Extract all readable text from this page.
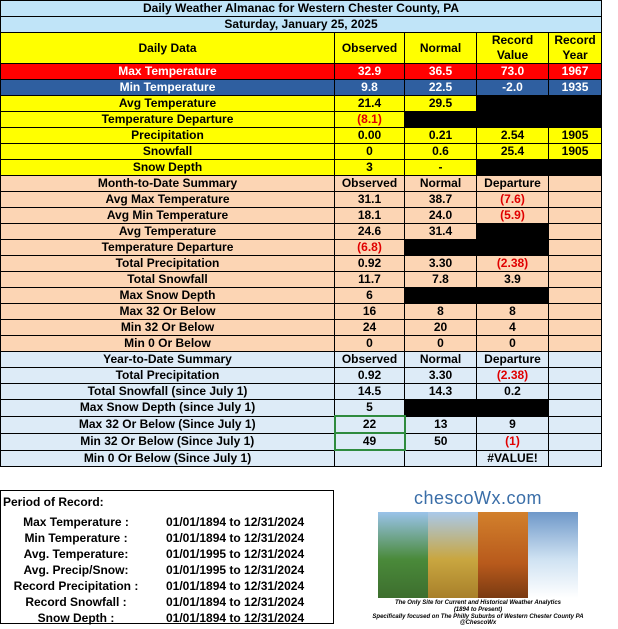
Daily Weather Almanac for Western Chester County, PA				
Saturday, January 25, 2025				
Daily Data	Observed	Normal	Record Value	Record Year
Max Temperature	32.9	36.5	73.0	1967
Min Temperature	9.8	22.5	-2.0	1935
Avg Temperature	21.4	29.5		
Temperature Departure	(8.1)			
Precipitation	0.00	0.21	2.54	1905
Snowfall	0	0.6	25.4	1905
Snow Depth	3	-		
Month-to-Date Summary	Observed	Normal	Departure	
Avg Max Temperature	31.1	38.7	(7.6)	
Avg Min Temperature	18.1	24.0	(5.9)	
Avg Temperature	24.6	31.4		
Temperature Departure	(6.8)			
Total Precipitation	0.92	3.30	(2.38)	
Total Snowfall	11.7	7.8	3.9	
Max Snow Depth	6			
Max 32 Or Below	16	8	8	
Min 32 Or Below	24	20	4	
Min 0 Or Below	0	0	0	
Year-to-Date Summary	Observed	Normal	Departure	
Total Precipitation	0.92	3.30	(2.38)	
Total Snowfall (since July 1)	14.5	14.3	0.2	
Max Snow Depth (since July 1)	5			
Max 32 Or Below (Since July 1)	22	13	9	
Min 32 Or Below (Since July 1)	49	50	(1)	
Min 0 Or Below (Since July 1)			#VALUE!	
Period of Record:
Max Temperature :	01/01/1894 to 12/31/2024
Min Temperature :	01/01/1894 to 12/31/2024
Avg. Temperature:	01/01/1995 to 12/31/2024
Avg. Precip/Snow:	01/01/1995 to 12/31/2024
Record Precipitation :	01/01/1894 to 12/31/2024
Record Snowfall :	01/01/1894 to 12/31/2024
Snow Depth :	01/01/1894 to 12/31/2024
chescoWx.com
The Only Site for Current and Historical Weather Analytics
(1894 to Present)
Specifically focused on The Philly Suburbs of Western Chester County PA
@ChescoWx
